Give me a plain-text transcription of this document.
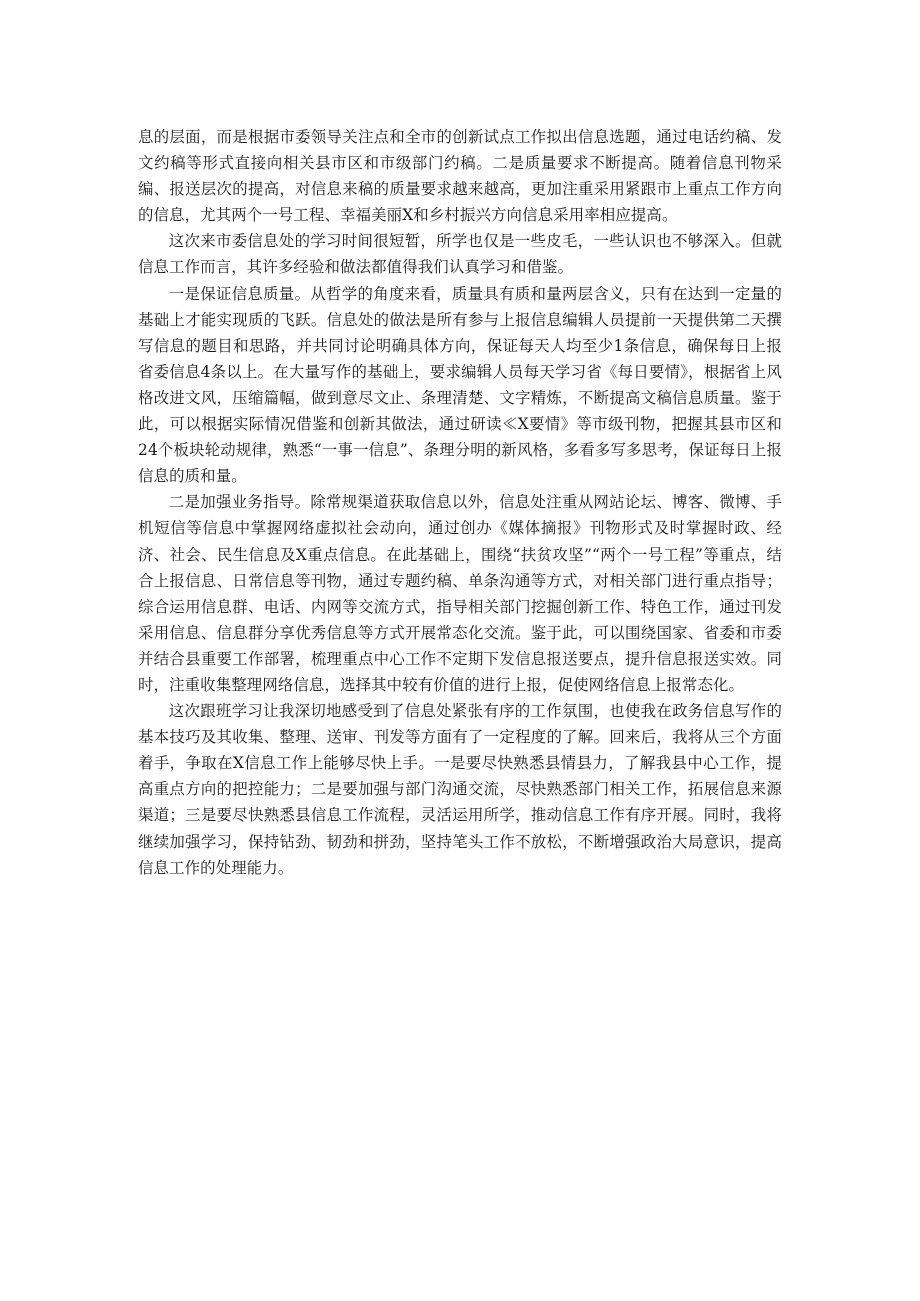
息的层面，而是根据市委领导关注点和全市的创新试点工作拟出信息选题，通过电话约稿、发文约稿等形式直接向相关县市区和市级部门约稿。二是质量要求不断提高。随着信息刊物采编、报送层次的提高，对信息来稿的质量要求越来越高，更加注重采用紧跟市上重点工作方向的信息，尤其两个一号工程、幸福美丽X和乡村振兴方向信息采用率相应提高。

这次来市委信息处的学习时间很短暂，所学也仅是一些皮毛，一些认识也不够深入。但就信息工作而言，其许多经验和做法都值得我们认真学习和借鉴。

一是保证信息质量。从哲学的角度来看，质量具有质和量两层含义，只有在达到一定量的基础上才能实现质的飞跃。信息处的做法是所有参与上报信息编辑人员提前一天提供第二天撰写信息的题目和思路，并共同讨论明确具体方向，保证每天人均至少1条信息，确保每日上报省委信息4条以上。在大量写作的基础上，要求编辑人员每天学习省《每日要情》，根据省上风格改进文风，压缩篇幅，做到意尽文止、条理清楚、文字精炼，不断提高文稿信息质量。鉴于此，可以根据实际情况借鉴和创新其做法，通过研读≪X要情》等市级刊物，把握其县市区和24个板块轮动规律，熟悉“一事一信息”、条理分明的新风格，多看多写多思考，保证每日上报信息的质和量。

二是加强业务指导。除常规渠道获取信息以外，信息处注重从网站论坛、博客、微博、手机短信等信息中掌握网络虚拟社会动向，通过创办《媒体摘报》刊物形式及时掌握时政、经济、社会、民生信息及X重点信息。在此基础上，围绕“扶贫攻坚”“两个一号工程”等重点，结合上报信息、日常信息等刊物，通过专题约稿、单条沟通等方式，对相关部门进行重点指导；综合运用信息群、电话、内网等交流方式，指导相关部门挖掘创新工作、特色工作，通过刊发采用信息、信息群分享优秀信息等方式开展常态化交流。鉴于此，可以围绕国家、省委和市委并结合县重要工作部署，梳理重点中心工作不定期下发信息报送要点，提升信息报送实效。同时，注重收集整理网络信息，选择其中较有价值的进行上报，促使网络信息上报常态化。

这次跟班学习让我深切地感受到了信息处紧张有序的工作氛围，也使我在政务信息写作的基本技巧及其收集、整理、送审、刊发等方面有了一定程度的了解。回来后，我将从三个方面着手，争取在X信息工作上能够尽快上手。一是要尽快熟悉县情县力，了解我县中心工作，提高重点方向的把控能力；二是要加强与部门沟通交流，尽快熟悉部门相关工作，拓展信息来源渠道；三是要尽快熟悉县信息工作流程，灵活运用所学，推动信息工作有序开展。同时，我将继续加强学习，保持钻劲、韧劲和拼劲，坚持笔头工作不放松，不断增强政治大局意识，提高信息工作的处理能力。
